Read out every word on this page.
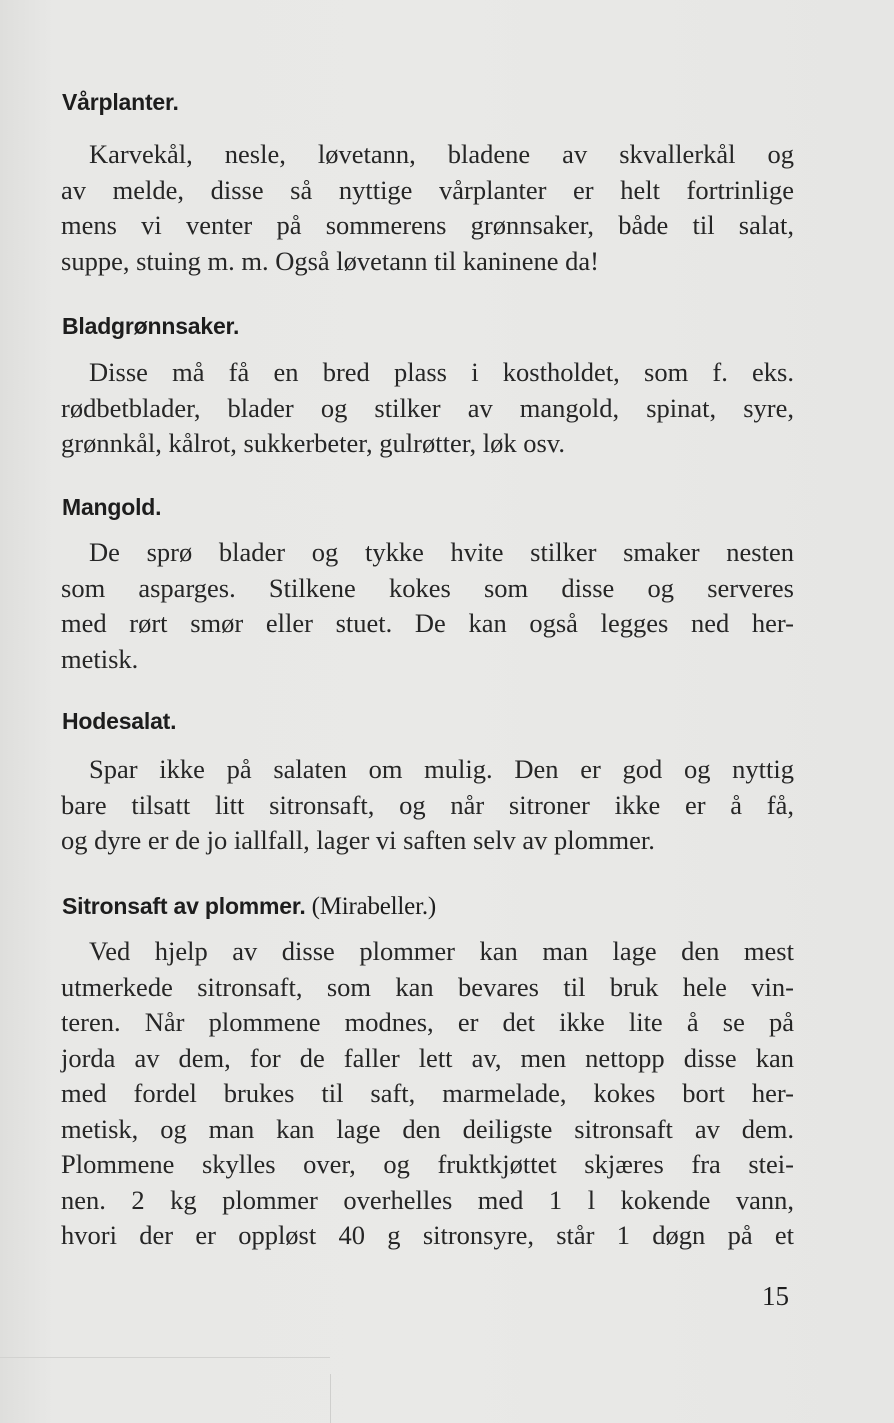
Vårplanter.
Karvekål, nesle, løvetann, bladene av skvallerkål og
av melde, disse så nyttige vårplanter er helt fortrinlige
mens vi venter på sommerens grønnsaker, både til salat,
suppe, stuing m. m. Også løvetann til kaninene da!
Bladgrønnsaker.
Disse må få en bred plass i kostholdet, som f. eks.
rødbetblader, blader og stilker av mangold, spinat, syre,
grønnkål, kålrot, sukkerbeter, gulrøtter, løk osv.
Mangold.
De sprø blader og tykke hvite stilker smaker nesten
som asparges. Stilkene kokes som disse og serveres
med rørt smør eller stuet. De kan også legges ned her-
metisk.
Hodesalat.
Spar ikke på salaten om mulig. Den er god og nyttig
bare tilsatt litt sitronsaft, og når sitroner ikke er å få,
og dyre er de jo iallfall, lager vi saften selv av plommer.
Sitronsaft av plommer. (Mirabeller.)
Ved hjelp av disse plommer kan man lage den mest
utmerkede sitronsaft, som kan bevares til bruk hele vin-
teren. Når plommene modnes, er det ikke lite å se på
jorda av dem, for de faller lett av, men nettopp disse kan
med fordel brukes til saft, marmelade, kokes bort her-
metisk, og man kan lage den deiligste sitronsaft av dem.
Plommene skylles over, og fruktkjøttet skjæres fra stei-
nen. 2 kg plommer overhelles med 1 l kokende vann,
hvori der er oppløst 40 g sitronsyre, står 1 døgn på et
15
